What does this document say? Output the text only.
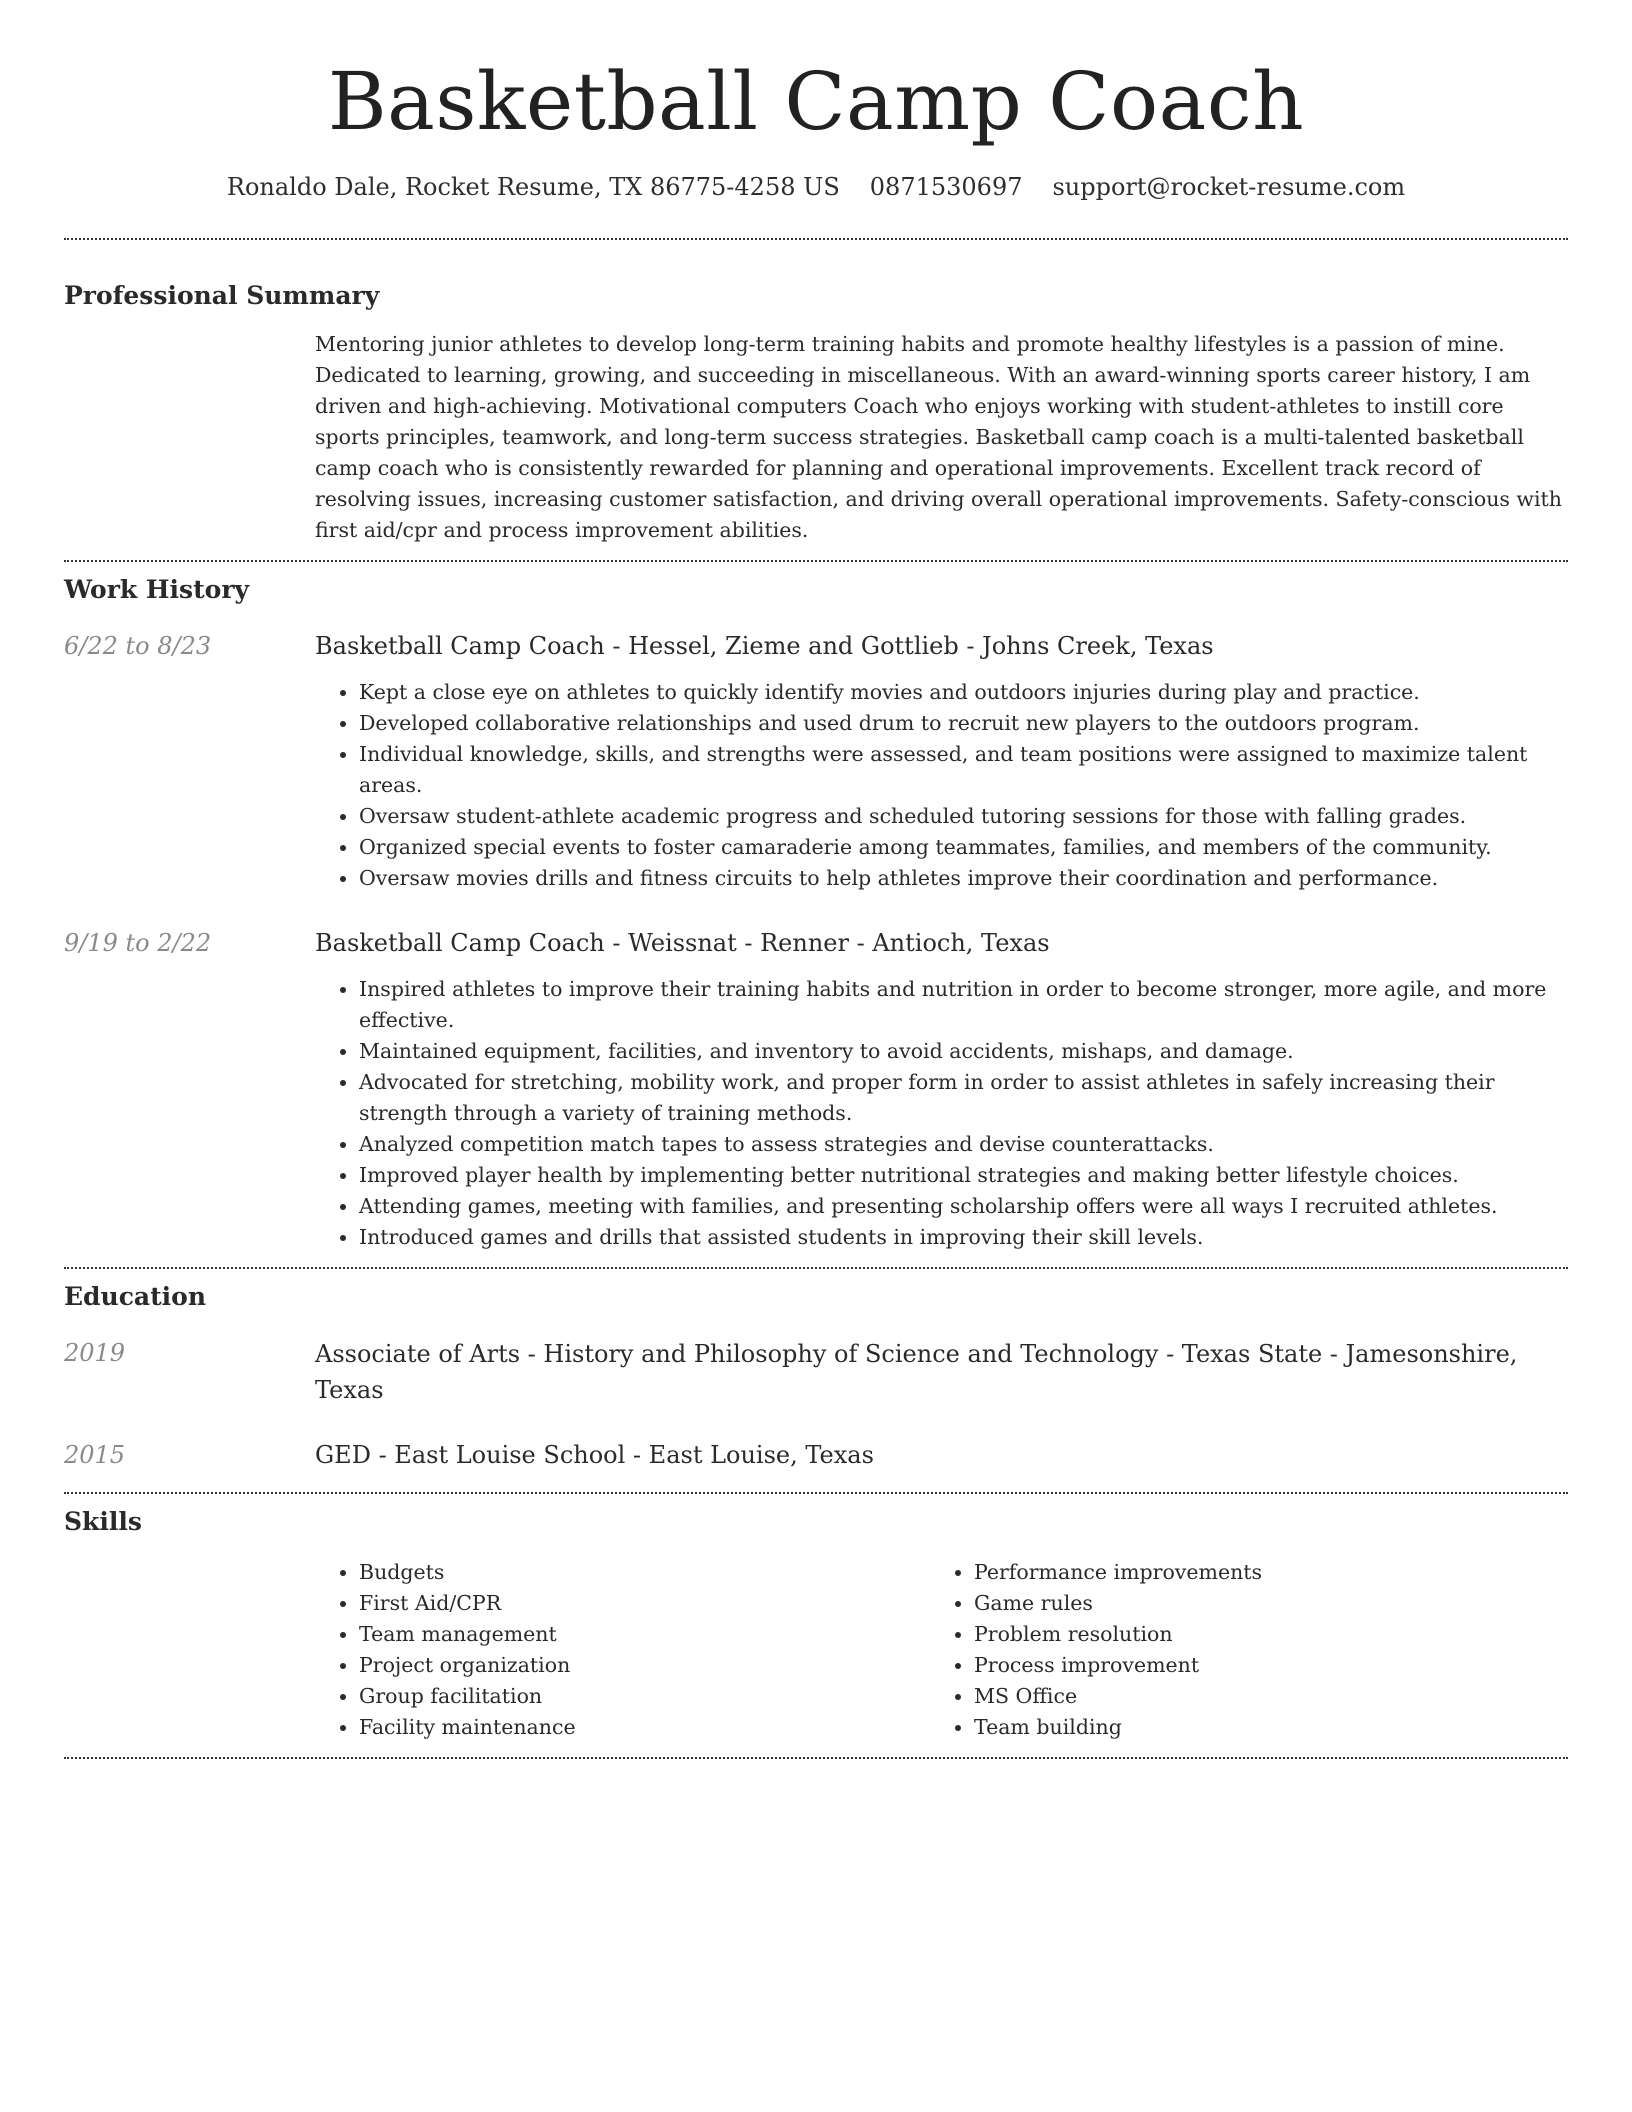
Basketball Camp Coach
Ronaldo Dale, Rocket Resume, TX 86775-4258 US 0871530697 support@rocket-resume.com
Professional Summary

Mentoring junior athletes to develop long-term training habits and promote healthy lifestyles is a passion of mine. Dedicated to learning, growing, and succeeding in miscellaneous. With an award-winning sports career history, I am driven and high-achieving. Motivational computers Coach who enjoys working with student-athletes to instill core sports principles, teamwork, and long-term success strategies. Basketball camp coach is a multi-talented basketball camp coach who is consistently rewarded for planning and operational improvements. Excellent track record of resolving issues, increasing customer satisfaction, and driving overall operational improvements. Safety-conscious with first aid/cpr and process improvement abilities.

Work History
6/22 to 8/23	Basketball Camp Coach - Hessel, Zieme and Gottlieb - Johns Creek, Texas

• Kept a close eye on athletes to quickly identify movies and outdoors injuries during play and practice.
• Developed collaborative relationships and used drum to recruit new players to the outdoors program.
• Individual knowledge, skills, and strengths were assessed, and team positions were assigned to maximize talent areas.
• Oversaw student-athlete academic progress and scheduled tutoring sessions for those with falling grades.
• Organized special events to foster camaraderie among teammates, families, and members of the community.
• Oversaw movies drills and fitness circuits to help athletes improve their coordination and performance.
9/19 to 2/22	Basketball Camp Coach - Weissnat - Renner - Antioch, Texas

• Inspired athletes to improve their training habits and nutrition in order to become stronger, more agile, and more effective.
• Maintained equipment, facilities, and inventory to avoid accidents, mishaps, and damage.
• Advocated for stretching, mobility work, and proper form in order to assist athletes in safely increasing their strength through a variety of training methods.
• Analyzed competition match tapes to assess strategies and devise counterattacks.
• Improved player health by implementing better nutritional strategies and making better lifestyle choices.
• Attending games, meeting with families, and presenting scholarship offers were all ways I recruited athletes.
• Introduced games and drills that assisted students in improving their skill levels.
Education
2019	Associate of Arts - History and Philosophy of Science and Technology - Texas State - Jamesonshire, Texas

2015	GED - East Louise School - East Louise, Texas

Skills
• Budgets
• First Aid/CPR
• Team management
• Project organization
• Group facilitation
• Facility maintenance
• Performance improvements
• Game rules
• Problem resolution
• Process improvement
• MS Office
• Team building
